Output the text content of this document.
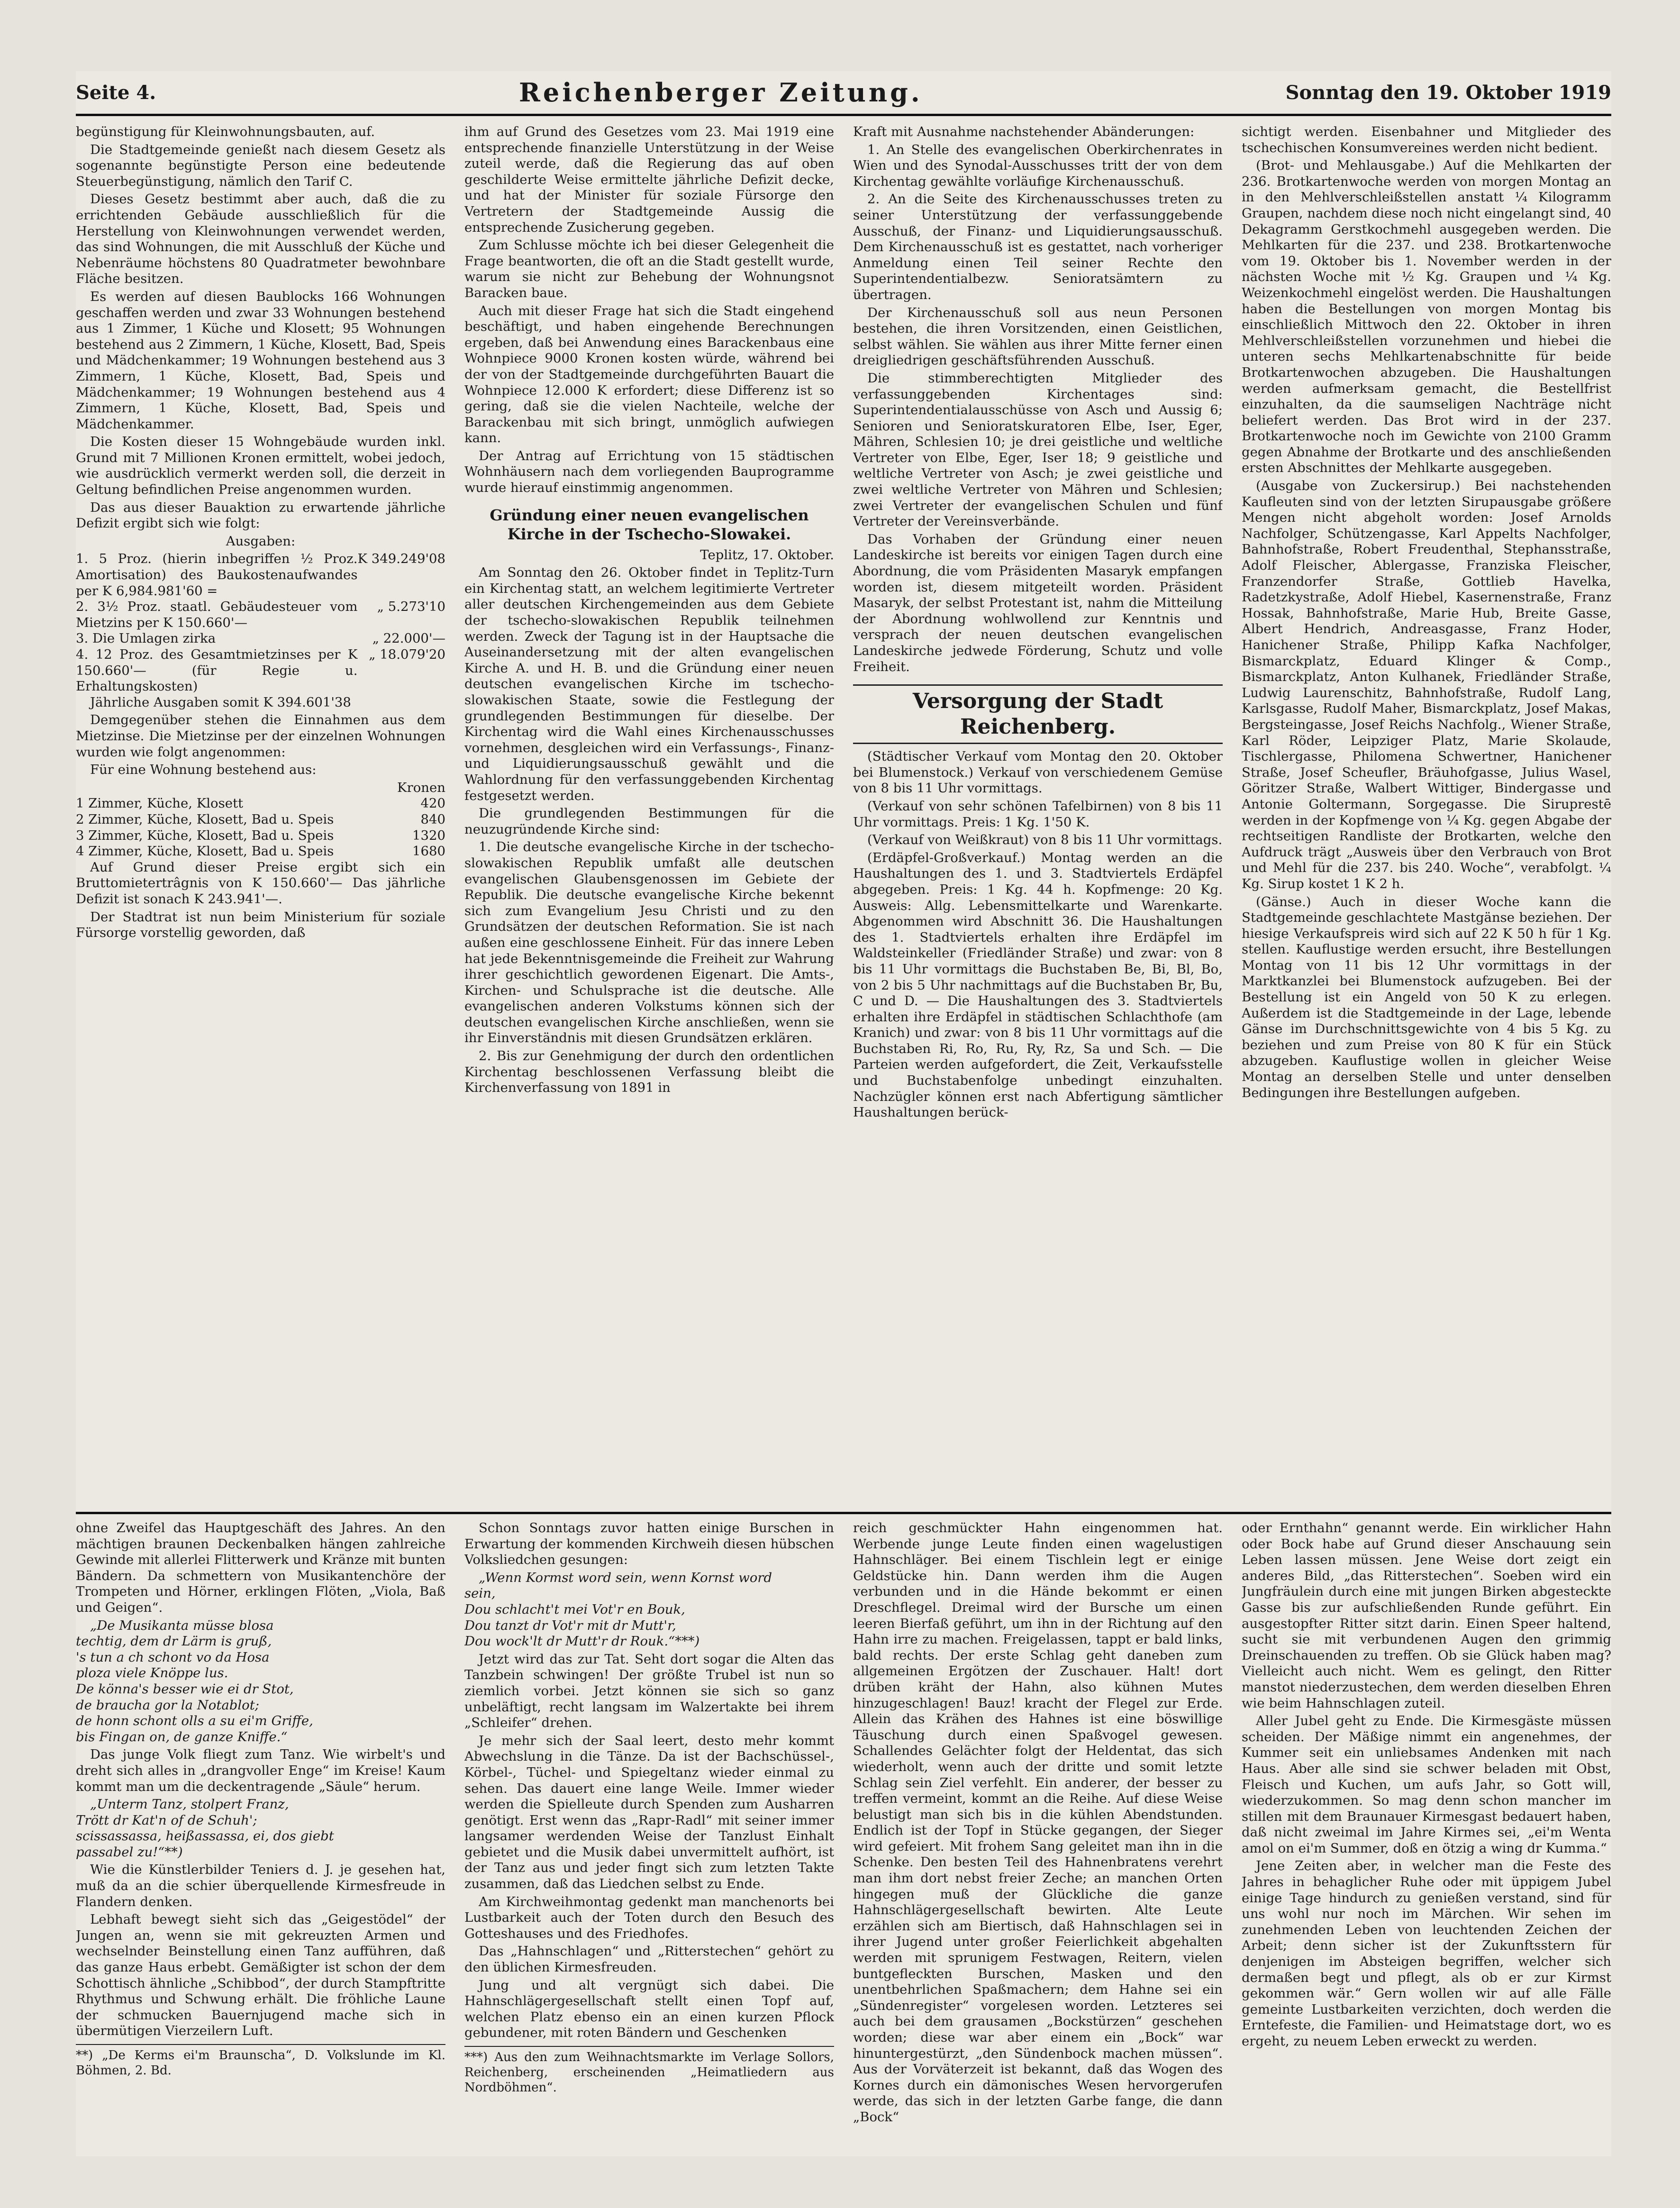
Seite 4.	Reichenberger Zeitung.	Sonntag den 19. Oktober 1919

begünstigung für Kleinwohnungsbauten, auf.

Die Stadtgemeinde genießt nach diesem Gesetz als sogenannte begünstigte Person eine bedeutende Steuerbegünstigung, nämlich den Tarif C.

Dieses Gesetz bestimmt aber auch, daß die zu errichtenden Gebäude ausschließlich für die Herstellung von Kleinwohnungen verwendet werden, das sind Wohnungen, die mit Ausschluß der Küche und Nebenräume höchstens 80 Quadratmeter bewohnbare Fläche besitzen.

Es werden auf diesen Baublocks 166 Wohnungen geschaffen werden und zwar 33 Wohnungen bestehend aus 1 Zimmer, 1 Küche und Klosett; 95 Wohnungen bestehend aus 2 Zimmern, 1 Küche, Klosett, Bad, Speis und Mädchenkammer; 19 Wohnungen bestehend aus 3 Zimmern, 1 Küche, Klosett, Bad, Speis und Mädchenkammer; 19 Wohnungen bestehend aus 4 Zimmern, 1 Küche, Klosett, Bad, Speis und Mädchenkammer.

Die Kosten dieser 15 Wohngebäude wurden inkl. Grund mit 7 Millionen Kronen ermittelt, wobei jedoch, wie ausdrücklich vermerkt werden soll, die derzeit in Geltung befindlichen Preise angenommen wurden.

Das aus dieser Bauaktion zu erwartende jährliche Defizit ergibt sich wie folgt:

Ausgaben:

1. 5 Proz. (hierin inbegriffen ½ Proz. Amortisation) des Baukostenaufwandes per K 6,984.981'60 =	K 349.249'08
2. 3½ Proz. staatl. Gebäudesteuer vom Mietzins per K 150.660'—	„ 5.273'10
3. Die Umlagen zirka	„ 22.000'—
4. 12 Proz. des Gesamtmietzinses per K 150.660'— (für Regie u. Erhaltungskosten)	„ 18.079'20

Jährliche Ausgaben somit K 394.601'38

Demgegenüber stehen die Einnahmen aus dem Mietzinse. Die Mietzinse per der einzelnen Wohnungen wurden wie folgt angenommen:

Für eine Wohnung bestehend aus:

	Kronen
1 Zimmer, Küche, Klosett	420
2 Zimmer, Küche, Klosett, Bad u. Speis	840
3 Zimmer, Küche, Klosett, Bad u. Speis	1320
4 Zimmer, Küche, Klosett, Bad u. Speis	1680

Auf Grund dieser Preise ergibt sich ein Bruttomietertrâgnis von K 150.660'— Das jährliche Defizit ist sonach K 243.941'—.

Der Stadtrat ist nun beim Ministerium für soziale Fürsorge vorstellig geworden, daß

ihm auf Grund des Gesetzes vom 23. Mai 1919 eine entsprechende finanzielle Unterstützung in der Weise zuteil werde, daß die Regierung das auf oben geschilderte Weise ermittelte jährliche Defizit decke, und hat der Minister für soziale Fürsorge den Vertretern der Stadtgemeinde Aussig die entsprechende Zusicherung gegeben.

Zum Schlusse möchte ich bei dieser Gelegenheit die Frage beantworten, die oft an die Stadt gestellt wurde, warum sie nicht zur Behebung der Wohnungsnot Baracken baue.

Auch mit dieser Frage hat sich die Stadt eingehend beschäftigt, und haben eingehende Berechnungen ergeben, daß bei Anwendung eines Barackenbaus eine Wohnpiece 9000 Kronen kosten würde, während bei der von der Stadtgemeinde durchgeführten Bauart die Wohnpiece 12.000 K erfordert; diese Differenz ist so gering, daß sie die vielen Nachteile, welche der Barackenbau mit sich bringt, unmöglich aufwiegen kann.

Der Antrag auf Errichtung von 15 städtischen Wohnhäusern nach dem vorliegenden Bauprogramme wurde hierauf einstimmig angenommen.

Gründung einer neuen evangelischen Kirche in der Tschecho-Slowakei.

Teplitz, 17. Oktober.

Am Sonntag den 26. Oktober findet in Teplitz-Turn ein Kirchentag statt, an welchem legitimierte Vertreter aller deutschen Kirchengemeinden aus dem Gebiete der tschecho-slowakischen Republik teilnehmen werden. Zweck der Tagung ist in der Hauptsache die Auseinandersetzung mit der alten evangelischen Kirche A. und H. B. und die Gründung einer neuen deutschen evangelischen Kirche im tschecho-slowakischen Staate, sowie die Festlegung der grundlegenden Bestimmungen für dieselbe. Der Kirchentag wird die Wahl eines Kirchenausschusses vornehmen, desgleichen wird ein Verfassungs-, Finanz- und Liquidierungsausschuß gewählt und die Wahlordnung für den verfassunggebenden Kirchentag festgesetzt werden.

Die grundlegenden Bestimmungen für die neuzugründende Kirche sind:

1. Die deutsche evangelische Kirche in der tschecho-slowakischen Republik umfaßt alle deutschen evangelischen Glaubensgenossen im Gebiete der Republik. Die deutsche evangelische Kirche bekennt sich zum Evangelium Jesu Christi und zu den Grundsätzen der deutschen Reformation. Sie ist nach außen eine geschlossene Einheit. Für das innere Leben hat jede Bekenntnisgemeinde die Freiheit zur Wahrung ihrer geschichtlich gewordenen Eigenart. Die Amts-, Kirchen- und Schulsprache ist die deutsche. Alle evangelischen anderen Volkstums können sich der deutschen evangelischen Kirche anschließen, wenn sie ihr Einverständnis mit diesen Grundsätzen erklären.

2. Bis zur Genehmigung der durch den ordentlichen Kirchentag beschlossenen Verfassung bleibt die Kirchenverfassung von 1891 in

Kraft mit Ausnahme nachstehender Abänderungen:

1. An Stelle des evangelischen Oberkirchenrates in Wien und des Synodal-Ausschusses tritt der von dem Kirchentag gewählte vorläufige Kirchenausschuß.

2. An die Seite des Kirchenausschusses treten zu seiner Unterstützung der verfassunggebende Ausschuß, der Finanz- und Liquidierungsausschuß. Dem Kirchenausschuß ist es gestattet, nach vorheriger Anmeldung einen Teil seiner Rechte den Superintendentialbezw. Senioratsämtern zu übertragen.

Der Kirchenausschuß soll aus neun Personen bestehen, die ihren Vorsitzenden, einen Geistlichen, selbst wählen. Sie wählen aus ihrer Mitte ferner einen dreigliedrigen geschäftsführenden Ausschuß.

Die stimmberechtigten Mitglieder des verfassunggebenden Kirchentages sind: Superintendentialausschüsse von Asch und Aussig 6; Senioren und Senioratskuratoren Elbe, Iser, Eger, Mähren, Schlesien 10; je drei geistliche und weltliche Vertreter von Elbe, Eger, Iser 18; 9 geistliche und weltliche Vertreter von Asch; je zwei geistliche und zwei weltliche Vertreter von Mähren und Schlesien; zwei Vertreter der evangelischen Schulen und fünf Vertreter der Vereinsverbände.

Das Vorhaben der Gründung einer neuen Landeskirche ist bereits vor einigen Tagen durch eine Abordnung, die vom Präsidenten Masaryk empfangen worden ist, diesem mitgeteilt worden. Präsident Masaryk, der selbst Protestant ist, nahm die Mitteilung der Abordnung wohlwollend zur Kenntnis und versprach der neuen deutschen evangelischen Landeskirche jedwede Förderung, Schutz und volle Freiheit.

Versorgung der Stadt Reichenberg.

(Städtischer Verkauf vom Montag den 20. Oktober bei Blumenstock.) Verkauf von verschiedenem Gemüse von 8 bis 11 Uhr vormittags.

(Verkauf von sehr schönen Tafelbirnen) von 8 bis 11 Uhr vormittags. Preis: 1 Kg. 1'50 K.

(Verkauf von Weißkraut) von 8 bis 11 Uhr vormittags.

(Erdäpfel-Großverkauf.) Montag werden an die Haushaltungen des 1. und 3. Stadtviertels Erdäpfel abgegeben. Preis: 1 Kg. 44 h. Kopfmenge: 20 Kg. Ausweis: Allg. Lebensmittelkarte und Warenkarte. Abgenommen wird Abschnitt 36. Die Haushaltungen des 1. Stadtviertels erhalten ihre Erdäpfel im Waldsteinkeller (Friedländer Straße) und zwar: von 8 bis 11 Uhr vormittags die Buchstaben Be, Bi, Bl, Bo, von 2 bis 5 Uhr nachmittags auf die Buchstaben Br, Bu, C und D. — Die Haushaltungen des 3. Stadtviertels erhalten ihre Erdäpfel in städtischen Schlachthofe (am Kranich) und zwar: von 8 bis 11 Uhr vormittags auf die Buchstaben Ri, Ro, Ru, Ry, Rz, Sa und Sch. — Die Parteien werden aufgefordert, die Zeit, Verkaufsstelle und Buchstabenfolge unbedingt einzuhalten. Nachzügler können erst nach Abfertigung sämtlicher Haushaltungen berück-

sichtigt werden. Eisenbahner und Mitglieder des tschechischen Konsumvereines werden nicht bedient.

(Brot- und Mehlausgabe.) Auf die Mehlkarten der 236. Brotkartenwoche werden von morgen Montag an in den Mehlverschleißstellen anstatt ¼ Kilogramm Graupen, nachdem diese noch nicht eingelangt sind, 40 Dekagramm Gerstkochmehl ausgegeben werden. Die Mehlkarten für die 237. und 238. Brotkartenwoche vom 19. Oktober bis 1. November werden in der nächsten Woche mit ½ Kg. Graupen und ¼ Kg. Weizenkochmehl eingelöst werden. Die Haushaltungen haben die Bestellungen von morgen Montag bis einschließlich Mittwoch den 22. Oktober in ihren Mehlverschleißstellen vorzunehmen und hiebei die unteren sechs Mehlkartenabschnitte für beide Brotkartenwochen abzugeben. Die Haushaltungen werden aufmerksam gemacht, die Bestellfrist einzuhalten, da die saumseligen Nachträge nicht beliefert werden. Das Brot wird in der 237. Brotkartenwoche noch im Gewichte von 2100 Gramm gegen Abnahme der Brotkarte und des anschließenden ersten Abschnittes der Mehlkarte ausgegeben.

(Ausgabe von Zuckersirup.) Bei nachstehenden Kaufleuten sind von der letzten Sirupausgabe größere Mengen nicht abgeholt worden: Josef Arnolds Nachfolger, Schützengasse, Karl Appelts Nachfolger, Bahnhofstraße, Robert Freudenthal, Stephansstraße, Adolf Fleischer, Ablergasse, Franziska Fleischer, Franzendorfer Straße, Gottlieb Havelka, Radetzkystraße, Adolf Hiebel, Kasernenstraße, Franz Hossak, Bahnhofstraße, Marie Hub, Breite Gasse, Albert Hendrich, Andreasgasse, Franz Hoder, Hanichener Straße, Philipp Kafka Nachfolger, Bismarckplatz, Eduard Klinger & Comp., Bismarckplatz, Anton Kulhanek, Friedländer Straße, Ludwig Laurenschitz, Bahnhofstraße, Rudolf Lang, Karlsgasse, Rudolf Maher, Bismarckplatz, Josef Makas, Bergsteingasse, Josef Reichs Nachfolg., Wiener Straße, Karl Röder, Leipziger Platz, Marie Skolaude, Tischlergasse, Philomena Schwertner, Hanichener Straße, Josef Scheufler, Bräuhofgasse, Julius Wasel, Göritzer Straße, Walbert Wittiger, Bindergasse und Antonie Goltermann, Sorgegasse. Die Siruprestē werden in der Kopfmenge von ¼ Kg. gegen Abgabe der rechtseitigen Randliste der Brotkarten, welche den Aufdruck trägt „Ausweis über den Verbrauch von Brot und Mehl für die 237. bis 240. Woche“, verabfolgt. ¼ Kg. Sirup kostet 1 K 2 h.

(Gänse.) Auch in dieser Woche kann die Stadtgemeinde geschlachtete Mastgänse beziehen. Der hiesige Verkaufspreis wird sich auf 22 K 50 h für 1 Kg. stellen. Kauflustige werden ersucht, ihre Bestellungen Montag von 11 bis 12 Uhr vormittags in der Marktkanzlei bei Blumenstock aufzugeben. Bei der Bestellung ist ein Angeld von 50 K zu erlegen. Außerdem ist die Stadtgemeinde in der Lage, lebende Gänse im Durchschnittsgewichte von 4 bis 5 Kg. zu beziehen und zum Preise von 80 K für ein Stück abzugeben. Kauflustige wollen in gleicher Weise Montag an derselben Stelle und unter denselben Bedingungen ihre Bestellungen aufgeben.

ohne Zweifel das Hauptgeschäft des Jahres. An den mächtigen braunen Deckenbalken hängen zahlreiche Gewinde mit allerlei Flitterwerk und Kränze mit bunten Bändern. Da schmettern von Musikantenchöre der Trompeten und Hörner, erklingen Flöten, „Viola, Baß und Geigen“.

„De Musikanta müsse blosa
techtig, dem dr Lärm is gruß,
's tun a ch schont vo da Hosa
ploza viele Knöppe lus.
De könna's besser wie ei dr Stot,
de braucha gor la Notablot;
de honn schont olls a su ei'm Griffe,
bis Fingan on, de ganze Kniffe.“

Das junge Volk fliegt zum Tanz. Wie wirbelt's und dreht sich alles in „drangvoller Enge“ im Kreise! Kaum kommt man um die deckentragende „Säule“ herum.

„Unterm Tanz, stolpert Franz,
Trött dr Kat'n of de Schuh';
scissassassa, heißassassa, ei, dos giebt
passabel zu!“**)

Wie die Künstlerbilder Teniers d. J. je gesehen hat, muß da an die schier überquellende Kirmesfreude in Flandern denken.

Lebhaft bewegt sieht sich das „Geigestödel“ der Jungen an, wenn sie mit gekreuzten Armen und wechselnder Beinstellung einen Tanz aufführen, daß das ganze Haus erbebt. Gemäßigter ist schon der dem Schottisch ähnliche „Schibbod“, der durch Stampftritte Rhythmus und Schwung erhält. Die fröhliche Laune der schmucken Bauernjugend mache sich in übermütigen Vierzeilern Luft.

**) „De Kerms ei'm Braunscha“, D. Volkslunde im Kl. Böhmen, 2. Bd.

Schon Sonntags zuvor hatten einige Burschen in Erwartung der kommenden Kirchweih diesen hübschen Volksliedchen gesungen:

„Wenn Kormst word sein, wenn Kornst word
sein,
Dou schlacht't mei Vot'r en Bouk,
Dou tanzt dr Vot'r mit dr Mutt'r,
Dou wock'lt dr Mutt'r dr Rouk.“***)

Jetzt wird das zur Tat. Seht dort sogar die Alten das Tanzbein schwingen! Der größte Trubel ist nun so ziemlich vorbei. Jetzt können sie sich so ganz unbeläftigt, recht langsam im Walzertakte bei ihrem „Schleifer“ drehen.

Je mehr sich der Saal leert, desto mehr kommt Abwechslung in die Tänze. Da ist der Bachschüssel-, Körbel-, Tüchel- und Spiegeltanz wieder einmal zu sehen. Das dauert eine lange Weile. Immer wieder werden die Spielleute durch Spenden zum Ausharren genötigt. Erst wenn das „Rapr-Radl“ mit seiner immer langsamer werdenden Weise der Tanzlust Einhalt gebietet und die Musik dabei unvermittelt aufhört, ist der Tanz aus und jeder fingt sich zum letzten Takte zusammen, daß das Liedchen selbst zu Ende.

Am Kirchweihmontag gedenkt man manchenorts bei Lustbarkeit auch der Toten durch den Besuch des Gotteshauses und des Friedhofes.

Das „Hahnschlagen“ und „Ritterstechen“ gehört zu den üblichen Kirmesfreuden.

Jung und alt vergnügt sich dabei. Die Hahnschlägergesellschaft stellt einen Topf auf, welchen Platz ebenso ein an einen kurzen Pflock gebundener, mit roten Bändern und Geschenken

***) Aus den zum Weihnachtsmarkte im Verlage Sollors, Reichenberg, erscheinenden „Heimatliedern aus Nordböhmen“.

reich geschmückter Hahn eingenommen hat. Werbende junge Leute finden einen wagelustigen Hahnschläger. Bei einem Tischlein legt er einige Geldstücke hin. Dann werden ihm die Augen verbunden und in die Hände bekommt er einen Dreschflegel. Dreimal wird der Bursche um einen leeren Bierfaß geführt, um ihn in der Richtung auf den Hahn irre zu machen. Freigelassen, tappt er bald links, bald rechts. Der erste Schlag geht daneben zum allgemeinen Ergötzen der Zuschauer. Halt! dort drüben kräht der Hahn, also kühnen Mutes hinzugeschlagen! Bauz! kracht der Flegel zur Erde. Allein das Krähen des Hahnes ist eine böswillige Täuschung durch einen Spaßvogel gewesen. Schallendes Gelächter folgt der Heldentat, das sich wiederholt, wenn auch der dritte und somit letzte Schlag sein Ziel verfehlt. Ein anderer, der besser zu treffen vermeint, kommt an die Reihe. Auf diese Weise belustigt man sich bis in die kühlen Abendstunden. Endlich ist der Topf in Stücke gegangen, der Sieger wird gefeiert. Mit frohem Sang geleitet man ihn in die Schenke. Den besten Teil des Hahnenbratens verehrt man ihm dort nebst freier Zeche; an manchen Orten hingegen muß der Glückliche die ganze Hahnschlägergesellschaft bewirten. Alte Leute erzählen sich am Biertisch, daß Hahnschlagen sei in ihrer Jugend unter großer Feierlichkeit abgehalten werden mit sprunigem Festwagen, Reitern, vielen buntgefleckten Burschen, Masken und den unentbehrlichen Spaßmachern; dem Hahne sei ein „Sündenregister“ vorgelesen worden. Letzteres sei auch bei dem grausamen „Bockstürzen“ geschehen worden; diese war aber einem ein „Bock“ war hinuntergestürzt, „den Sündenbock machen müssen“. Aus der Vorväterzeit ist bekannt, daß das Wogen des Kornes durch ein dämonisches Wesen hervorgerufen werde, das sich in der letzten Garbe fange, die dann „Bock“

oder Ernthahn“ genannt werde. Ein wirklicher Hahn oder Bock habe auf Grund dieser Anschauung sein Leben lassen müssen. Jene Weise dort zeigt ein anderes Bild, „das Ritterstechen“. Soeben wird ein Jungfräulein durch eine mit jungen Birken abgesteckte Gasse bis zur aufschließenden Runde geführt. Ein ausgestopfter Ritter sitzt darin. Einen Speer haltend, sucht sie mit verbundenen Augen den grimmig Dreinschauenden zu treffen. Ob sie Glück haben mag? Vielleicht auch nicht. Wem es gelingt, den Ritter manstot niederzustechen, dem werden dieselben Ehren wie beim Hahnschlagen zuteil.

Aller Jubel geht zu Ende. Die Kirmesgäste müssen scheiden. Der Mäßige nimmt ein angenehmes, der Kummer seit ein unliebsames Andenken mit nach Haus. Aber alle sind sie schwer beladen mit Obst, Fleisch und Kuchen, um aufs Jahr, so Gott will, wiederzukommen. So mag denn schon mancher im stillen mit dem Braunauer Kirmesgast bedauert haben, daß nicht zweimal im Jahre Kirmes sei, „ei'm Wenta amol on ei'm Summer, doß en ötzig a wing dr Kumma.“

Jene Zeiten aber, in welcher man die Feste des Jahres in behaglicher Ruhe oder mit üppigem Jubel einige Tage hindurch zu genießen verstand, sind für uns wohl nur noch im Märchen. Wir sehen im zunehmenden Leben von leuchtenden Zeichen der Arbeit; denn sicher ist der Zukunftsstern für denjenigen im Absteigen begriffen, welcher sich dermaßen begt und pflegt, als ob er zur Kirmst gekommen wär.“ Gern wollen wir auf alle Fälle gemeinte Lustbarkeiten verzichten, doch werden die Erntefeste, die Familien- und Heimatstage dort, wo es ergeht, zu neuem Leben erweckt zu werden.
